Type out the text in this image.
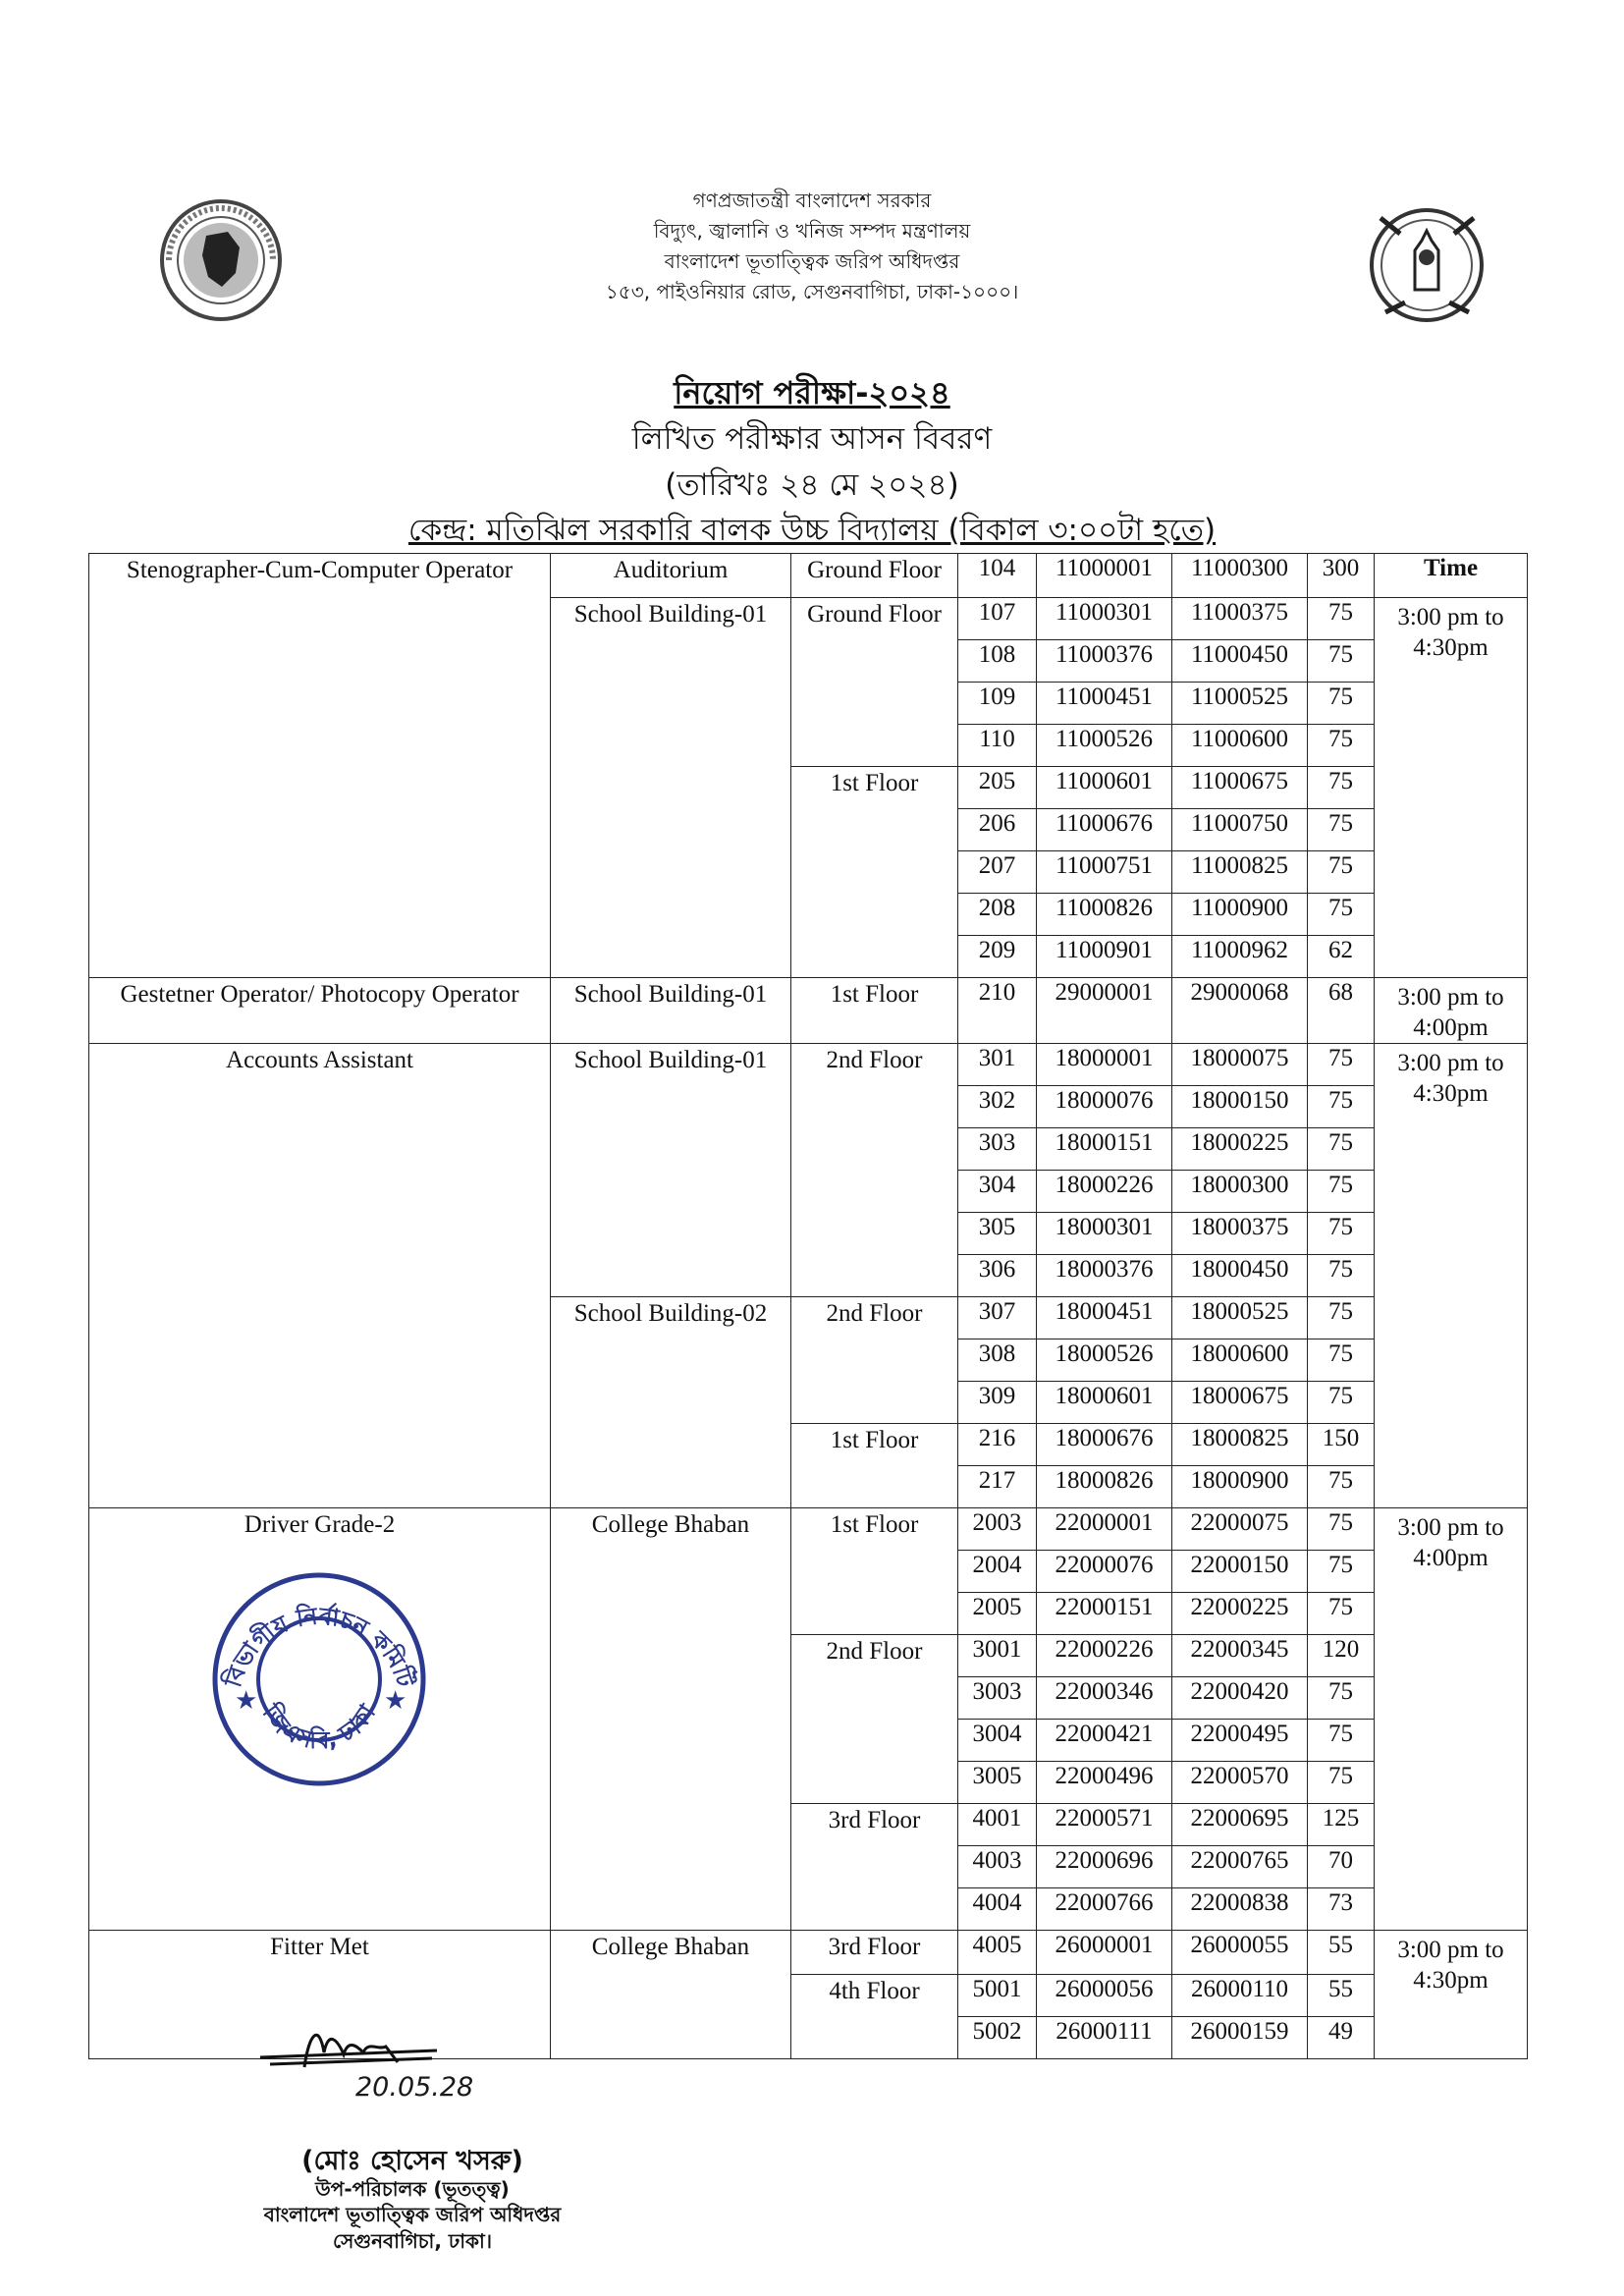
গণপ্রজাতন্ত্রী বাংলাদেশ সরকার
বিদ্যুৎ, জ্বালানি ও খনিজ সম্পদ মন্ত্রণালয়
বাংলাদেশ ভূতাত্ত্বিক জরিপ অধিদপ্তর
১৫৩, পাইওনিয়ার রোড, সেগুনবাগিচা, ঢাকা-১০০০।
নিয়োগ পরীক্ষা-২০২৪
লিখিত পরীক্ষার আসন বিবরণ
(তারিখঃ ২৪ মে ২০২৪)
কেন্দ্র: মতিঝিল সরকারি বালক উচ্চ বিদ্যালয় (বিকাল ৩:০০টা হতে)
Stenographer-Cum-Computer Operator	Auditorium	Ground Floor	104	11000001	11000300	300	Time
	School Building-01	Ground Floor	107	11000301	11000375	75	3:00 pm to 4:30pm
			108	11000376	11000450	75	
			109	11000451	11000525	75	
			110	11000526	11000600	75	
		1st Floor	205	11000601	11000675	75	
			206	11000676	11000750	75	
			207	11000751	11000825	75	
			208	11000826	11000900	75	
			209	11000901	11000962	62	
Gestetner Operator/ Photocopy Operator	School Building-01	1st Floor	210	29000001	29000068	68	3:00 pm to 4:00pm
Accounts Assistant	School Building-01	2nd Floor	301	18000001	18000075	75	3:00 pm to 4:30pm
			302	18000076	18000150	75	
			303	18000151	18000225	75	
			304	18000226	18000300	75	
			305	18000301	18000375	75	
			306	18000376	18000450	75	
	School Building-02	2nd Floor	307	18000451	18000525	75	
			308	18000526	18000600	75	
			309	18000601	18000675	75	
		1st Floor	216	18000676	18000825	150	
			217	18000826	18000900	75	
Driver Grade-2	College Bhaban	1st Floor	2003	22000001	22000075	75	3:00 pm to 4:00pm
			2004	22000076	22000150	75	
			2005	22000151	22000225	75	
		2nd Floor	3001	22000226	22000345	120	
			3003	22000346	22000420	75	
			3004	22000421	22000495	75	
			3005	22000496	22000570	75	
		3rd Floor	4001	22000571	22000695	125	
			4003	22000696	22000765	70	
			4004	22000766	22000838	73	
Fitter Met	College Bhaban	3rd Floor	4005	26000001	26000055	55	3:00 pm to 4:30pm
		4th Floor	5001	26000056	26000110	55	
			5002	26000111	26000159	49	
বিভাগীয় নির্বাচন কমিটি
জিএসবি, ঢাকা
★	★
20.05.28
(মোঃ হোসেন খসরু)
উপ-পরিচালক (ভূতত্ত্ব)
বাংলাদেশ ভূতাত্ত্বিক জরিপ অধিদপ্তর
সেগুনবাগিচা, ঢাকা।
